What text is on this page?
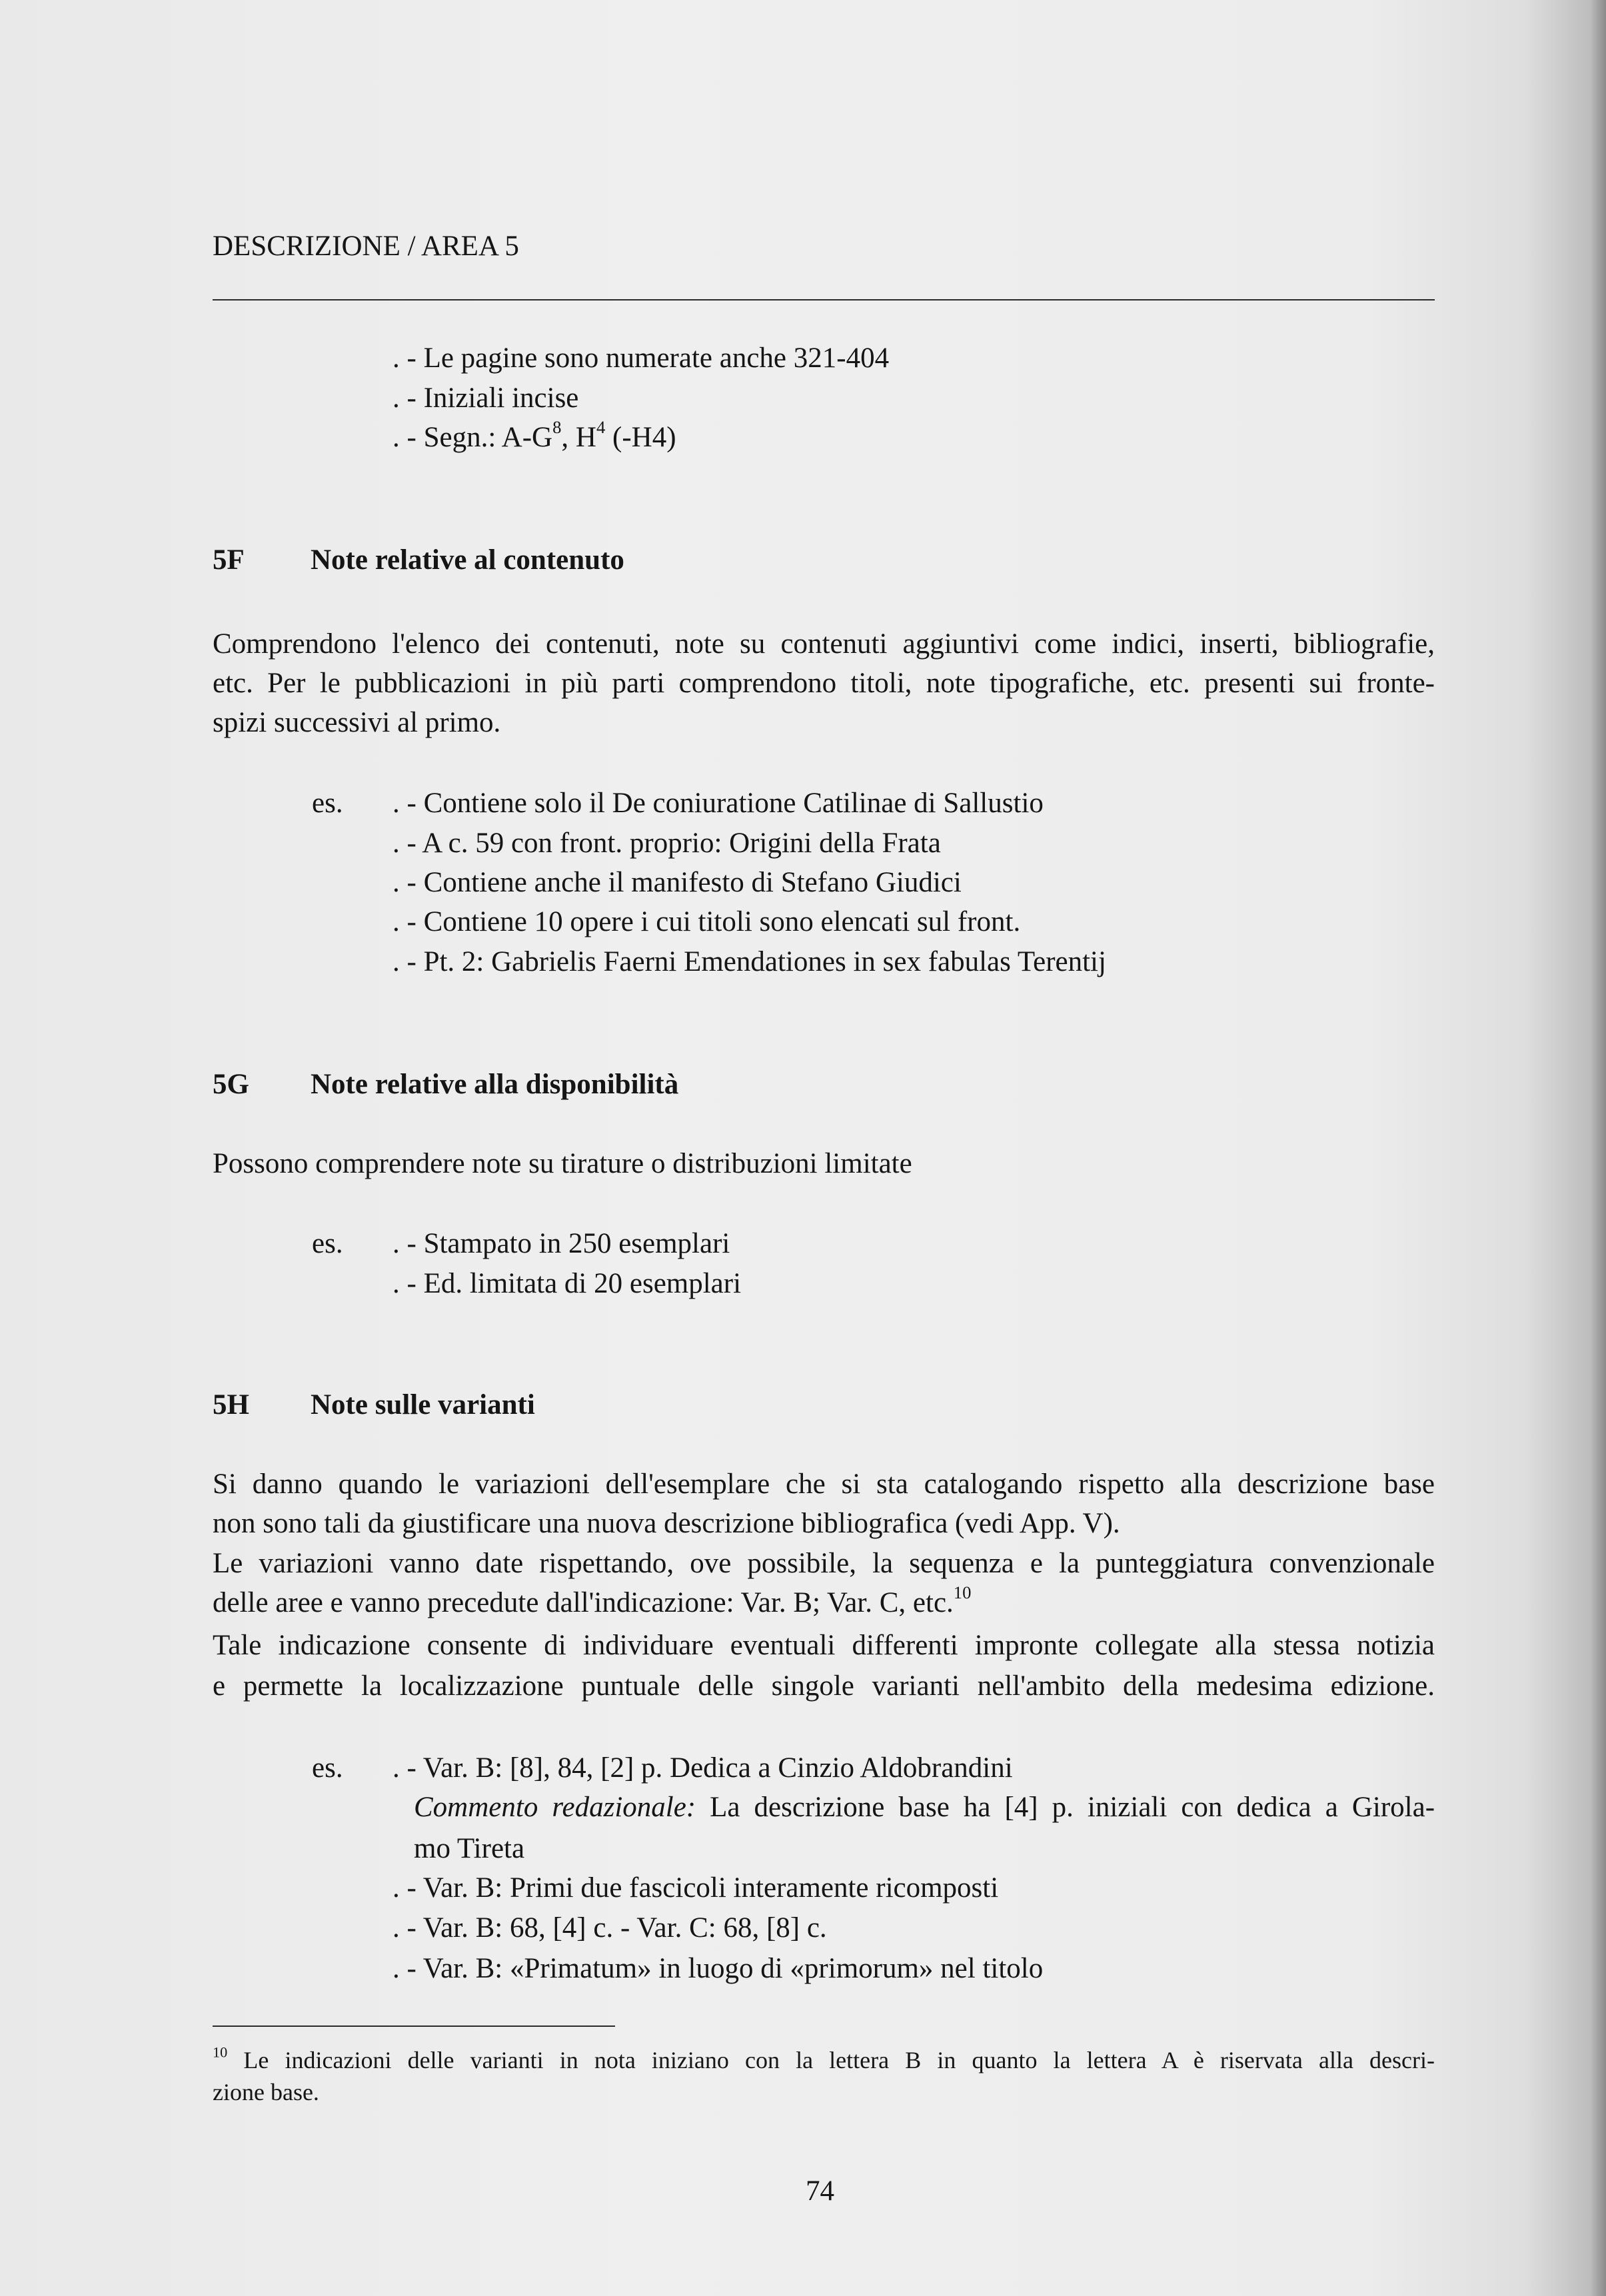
DESCRIZIONE / AREA 5
. - Le pagine sono numerate anche 321-404
. - Iniziali incise
. - Segn.: $A-G^8$, $H^4$ (-H4)
5F Note relative al contenuto
Comprendono l'elenco dei contenuti, note su contenuti aggiuntivi come indici, inserti, bibliografie,
etc. Per le pubblicazioni in più parti comprendono titoli, note tipografiche, etc. presenti sui fronte-
spizi successivi al primo.
es. . - Contiene solo il De coniuratione Catilinae di Sallustio
. - A c. 59 con front. proprio: Origini della Frata
. - Contiene anche il manifesto di Stefano Giudici
. - Contiene 10 opere i cui titoli sono elencati sul front.
. - Pt. 2: Gabrielis Faerni Emendationes in sex fabulas Terentij
5G Note relative alla disponibilità
Possono comprendere note su tirature o distribuzioni limitate
es. . - Stampato in 250 esemplari
. - Ed. limitata di 20 esemplari
5H Note sulle varianti
Si danno quando le variazioni dell'esemplare che si sta catalogando rispetto alla descrizione base
non sono tali da giustificare una nuova descrizione bibliografica (vedi App. V).
Le variazioni vanno date rispettando, ove possibile, la sequenza e la punteggiatura convenzionale
delle aree e vanno precedute dall'indicazione: Var. B; Var. C, etc.$^{10}$
Tale indicazione consente di individuare eventuali differenti impronte collegate alla stessa notizia
e permette la localizzazione puntuale delle singole varianti nell'ambito della medesima edizione.
es. . - Var. B: [8], 84, [2] p. Dedica a Cinzio Aldobrandini
Commento redazionale: La descrizione base ha [4] p. iniziali con dedica a Girola-
mo Tireta
. - Var. B: Primi due fascicoli interamente ricomposti
. - Var. B: 68, [4] c. - Var. C: 68, [8] c.
. - Var. B: «Primatum» in luogo di «primorum» nel titolo
$^{10}$ Le indicazioni delle varianti in nota iniziano con la lettera B in quanto la lettera A è riservata alla descri-
zione base.
74
